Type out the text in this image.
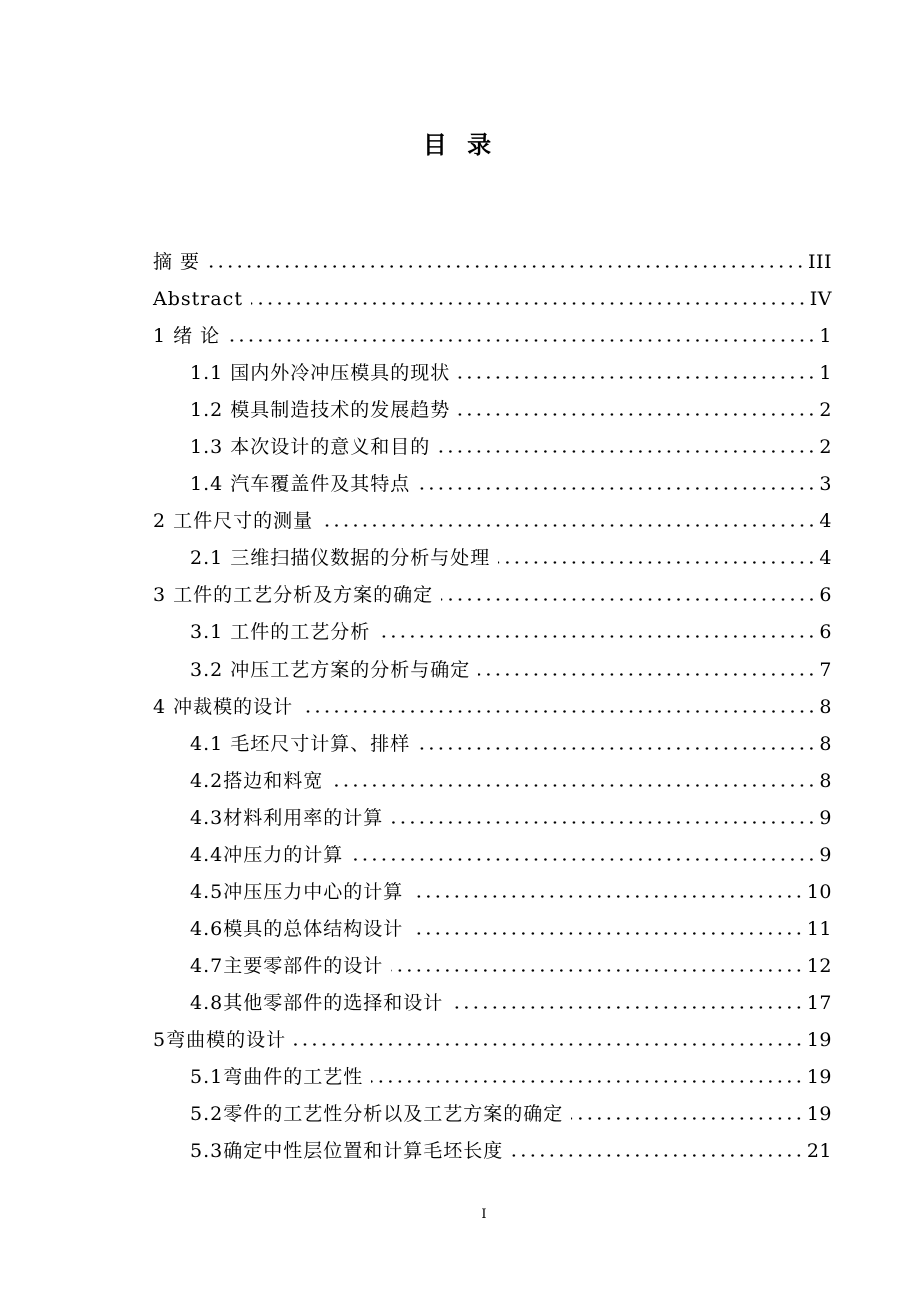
目 录
摘 要	III
Abstract	IV
1 绪 论	1
1.1 国内外冷冲压模具的现状	1
1.2 模具制造技术的发展趋势	2
1.3 本次设计的意义和目的	2
1.4 汽车覆盖件及其特点	3
2 工件尺寸的测量	4
2.1 三维扫描仪数据的分析与处理	4
3 工件的工艺分析及方案的确定	6
3.1 工件的工艺分析	6
3.2 冲压工艺方案的分析与确定	7
4 冲裁模的设计	8
4.1 毛坯尺寸计算、排样	8
4.2搭边和料宽	8
4.3材料利用率的计算	9
4.4冲压力的计算	9
4.5冲压压力中心的计算	10
4.6模具的总体结构设计	11
4.7主要零部件的设计	12
4.8其他零部件的选择和设计	17
5弯曲模的设计	19
5.1弯曲件的工艺性	19
5.2零件的工艺性分析以及工艺方案的确定	19
5.3确定中性层位置和计算毛坯长度	21
I
